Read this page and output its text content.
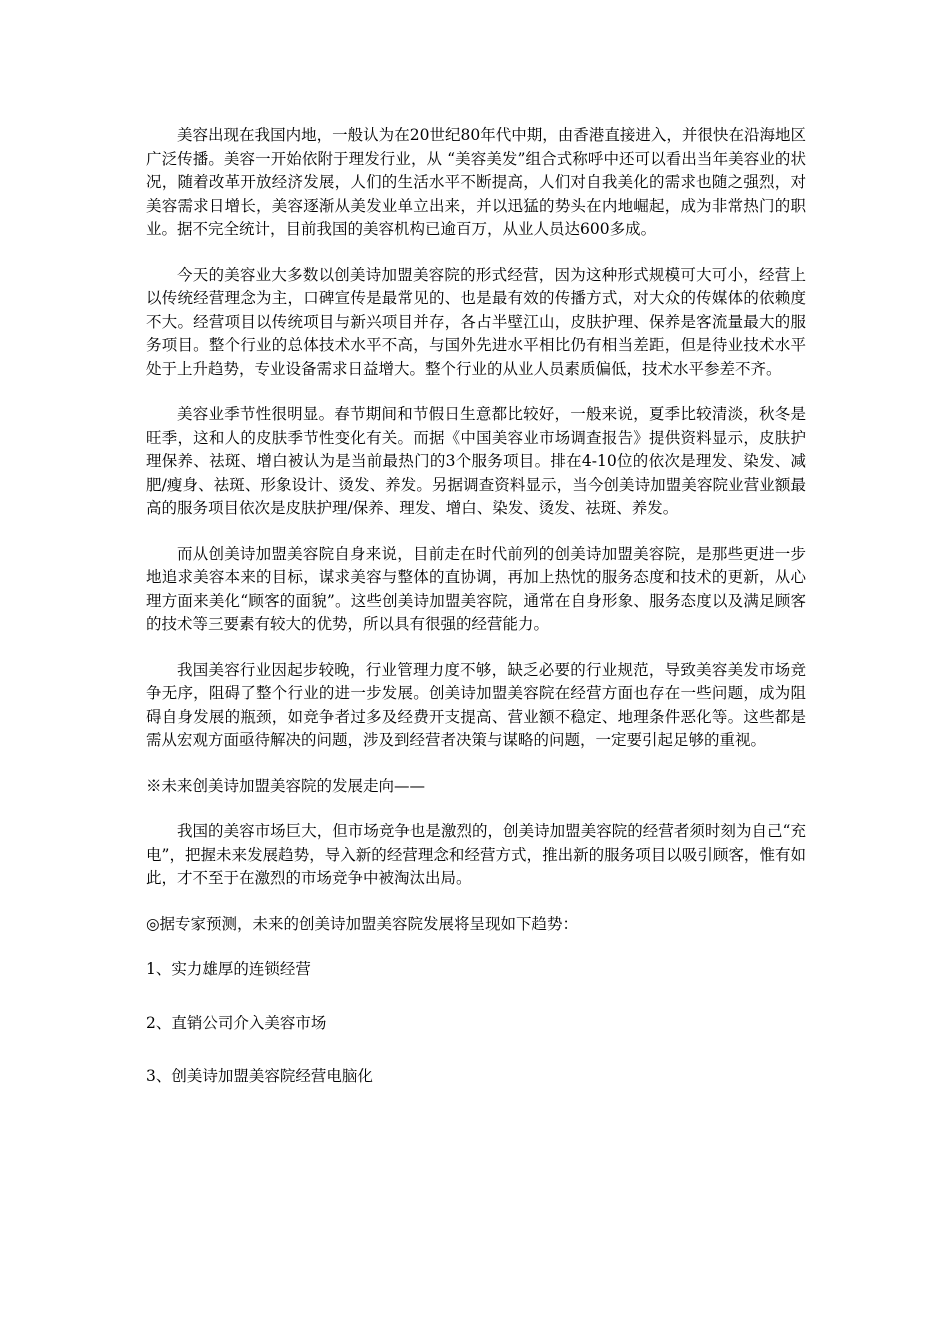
美容出现在我国内地，一般认为在20世纪80年代中期，由香港直接进入，并很快在沿海地区广泛传播。美容一开始依附于理发行业，从 “美容美发”组合式称呼中还可以看出当年美容业的状况，随着改革开放经济发展，人们的生活水平不断提高，人们对自我美化的需求也随之强烈，对美容需求日增长，美容逐渐从美发业单立出来，并以迅猛的势头在内地崛起，成为非常热门的职业。据不完全统计，目前我国的美容机构已逾百万，从业人员达600多成。

今天的美容业大多数以创美诗加盟美容院的形式经营，因为这种形式规模可大可小，经营上以传统经营理念为主，口碑宣传是最常见的、也是最有效的传播方式，对大众的传媒体的依赖度不大。经营项目以传统项目与新兴项目并存，各占半壁江山，皮肤护理、保养是客流量最大的服务项目。整个行业的总体技术水平不高，与国外先进水平相比仍有相当差距，但是待业技术水平处于上升趋势，专业设备需求日益增大。整个行业的从业人员素质偏低，技术水平参差不齐。

美容业季节性很明显。春节期间和节假日生意都比较好，一般来说，夏季比较清淡，秋冬是旺季，这和人的皮肤季节性变化有关。而据《中国美容业市场调查报告》提供资料显示，皮肤护理保养、祛斑、增白被认为是当前最热门的3个服务项目。排在4-10位的依次是理发、染发、减肥/瘦身、祛斑、形象设计、烫发、养发。另据调查资料显示，当今创美诗加盟美容院业营业额最高的服务项目依次是皮肤护理/保养、理发、增白、染发、烫发、祛斑、养发。

而从创美诗加盟美容院自身来说，目前走在时代前列的创美诗加盟美容院，是那些更进一步地追求美容本来的目标，谋求美容与整体的直协调，再加上热忱的服务态度和技术的更新，从心理方面来美化“顾客的面貌”。这些创美诗加盟美容院，通常在自身形象、服务态度以及满足顾客的技术等三要素有较大的优势，所以具有很强的经营能力。

我国美容行业因起步较晚，行业管理力度不够，缺乏必要的行业规范，导致美容美发市场竞争无序，阻碍了整个行业的进一步发展。创美诗加盟美容院在经营方面也存在一些问题，成为阻碍自身发展的瓶颈，如竞争者过多及经费开支提高、营业额不稳定、地理条件恶化等。这些都是需从宏观方面亟待解决的问题，涉及到经营者决策与谋略的问题，一定要引起足够的重视。

※未来创美诗加盟美容院的发展走向——

我国的美容市场巨大，但市场竞争也是激烈的，创美诗加盟美容院的经营者须时刻为自己“充电”，把握未来发展趋势，导入新的经营理念和经营方式，推出新的服务项目以吸引顾客，惟有如此，才不至于在激烈的市场竞争中被淘汰出局。

◎据专家预测，未来的创美诗加盟美容院发展将呈现如下趋势：

1、实力雄厚的连锁经营

2、直销公司介入美容市场

3、创美诗加盟美容院经营电脑化
